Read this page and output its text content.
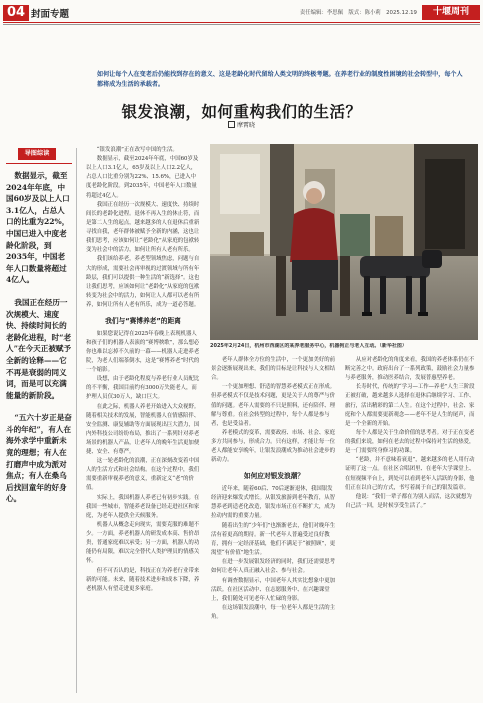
04 封面专题	责任编辑：李思佩　版式：陈小莉　2025.12.19	十堰周刊
如何让每个人在变老后仍能找到存在的意义、这是老龄化时代留给人类文明的终极考题。在养老行业的制度性困境的社会转型中，每个人都将成为生活的承载者。
银发浪潮，如何重构我们的生活？
摩霄晓
导图综读

数据显示，截至2024年年底，中国60岁及以上人口3.1亿人，占总人口的比重为22%，中国已进入中度老龄化阶段，到2035年，中国老年人口数量将超过4亿人。

我国正在经历一次规模大、速度快、持续时间长的老龄化进程，时“老人”在今天正被赋予全新的诠释——它不再是衰弱的同义词，而是可以充满能量的新阶段。

“五六十岁正是奋斗的年纪”，有人在海外求学中重新未竟的理想；有人在打磨声中成为派对焦点；有人在桑乌后找回童年的好身心。

“银发浪潮”正在改写中国的生活。

数据显示，截至2024年年底，中国60岁及以上人口3.1亿人，65岁及以上人口2.2亿人，占总人口比重分别为22%、15.6%，已进入中度老龄化阶段。到2035年，中国老年人口数量将超过4亿人。

我国正在经历一次规模大、速度快、持续时间长的老龄化进程。退休不再入生的休止符，而是第二人生的起点，越来越多的人在退休后重新寻找自我，老年群体被赋予全新的内涵，这也让我们思考，应该如何让“老龄化”从家庭的包袱转变为社会中的活力，如何让所有人老有所乐。

我们该给养老，养老型领域焦虑，问题与自大的形成，需要社会再审视的过渡领域与所有年龄层，我们可以提供一种生活的“新选择”。这也让我们思考，应该如何让“老龄化”从家庭的包袱转变为社会中的活力，如何让人人都可以老有所养，如何让所有人老有所乐，成为一道必答题。

我们与“赛博养老”的距离

如果您说记得在2025年春晚上表现机器人和孩子们的机器人表演的“赛博秧歌”，那么想必你也难以忘掉不久前的一幕——机器人走进养老院，为老人们端茶倒水，这是“赛博养老”时代的一个缩影。

设想，由于老龄化程度与养老行业人员配比的不平衡，我国目前约有3000万失能老人，而护理人员仅30万人，缺口巨大。

在此之际，机器人养老开始进入大众视野。随着相关技术的发展，智能机器人在情感陪伴、安全监测、康复辅助等方面展现出巨大潜力，国内外科技公司纷纷布局，推出了一系列针对养老场景的机器人产品，让老年人的晚年生活更加便捷、安全、有尊严。

这一轮老龄化的浪潮，正在深刻改变着中国人的生活方式和社会结构。在这个过程中，我们需要重新审视养老的意义，重新定义“老”的价值。

实际上，我国机器人养老已有初步实践。在我国一些城市，智能养老设备已经走进社区和家庭，为老年人提供全天候服务。

机器人从概念走向现实，需要克服的难题不少。一方面，养老机器人的研发成本高、售价昂贵，普通家庭难以承受；另一方面，机器人的功能仍有局限，难以完全替代人类护理员的情感关怀。

但不可否认的是，科技正在为养老行业带来新的可能。未来，随着技术进步和成本下降，养老机器人有望走进更多家庭。

2025年2月24日，杭州市西湖区的某养老服务中心，机器狗正与老人互动。（新华社图）

老年人群体全方位的生活中，一个更加美好的前景会逐渐展现出来，我们的目标是让科技与人文相结合。

一个更加理想、舒适的智慧养老模式正在形成。但养老模式不仅是技术问题，更是关于人的尊严与价值的问题。老年人需要的不只是照料，还有陪伴、理解与尊重。在社会转型的过程中，每个人都是参与者，也是受益者。

养老模式的变革，需要政府、市场、社会、家庭多方共同参与，形成合力。只有这样，才能让每一位老人都能安享晚年，让银发浪潮成为推动社会进步的新动力。

如何应对银发浪潮？

近年来，随着60后、70后逐渐退休，我国银发经济迎来爆发式增长。从银发旅游到老年教育，从智慧养老到适老化改造，银发市场正在不断扩大，成为拉动内需的重要力量。

随着出生的“少年们”也渐渐老去，他们对晚年生活有着更高的期待。新一代老年人普遍受过良好教育，拥有一定经济基础，他们不满足于“被照顾”，更渴望“有价值”地生活。

在进一步发展银发经济的同时，我们还需要思考如何让老年人真正融入社会、参与社会。

有调查数据显示，中国老年人其实比想象中更加活跃。在社区活动中、在志愿服务中、在兴趣课堂上，我们随处可见老年人忙碌的身影。

在这场银发浪潮中，每一位老年人都是生活的主角。

从应对老龄化的角度来看，我国的养老体系仍在不断完善之中。政府出台了一系列政策，鼓励社会力量参与养老服务，推动医养结合，发展普惠型养老。

长寿时代，传统的“学习—工作—养老”人生三阶段正被打破，越来越多人选择在退休后继续学习、工作、旅行，活出精彩的第二人生。在这个过程中，社会、家庭和个人都需要更新观念——老年不是人生的尾声，而是一个全新的开始。

每个人都是关于生命价值的思考者。对于正在变老的我们来说，如何在老去的过程中保持对生活的热爱，是一门需要终身修习的功课。

“老龄，并不意味着衰退”，越来越多的老人用行动证明了这一点。在社区合唱团里、在老年大学课堂上、在短视频平台上，到处可以看到老年人活跃的身影，他们正在以自己的方式，书写着属于自己的银发篇章。

他说：“我们一辈子都在为别人而活，这次就想为自己活一回，是时候享受生活了。”
